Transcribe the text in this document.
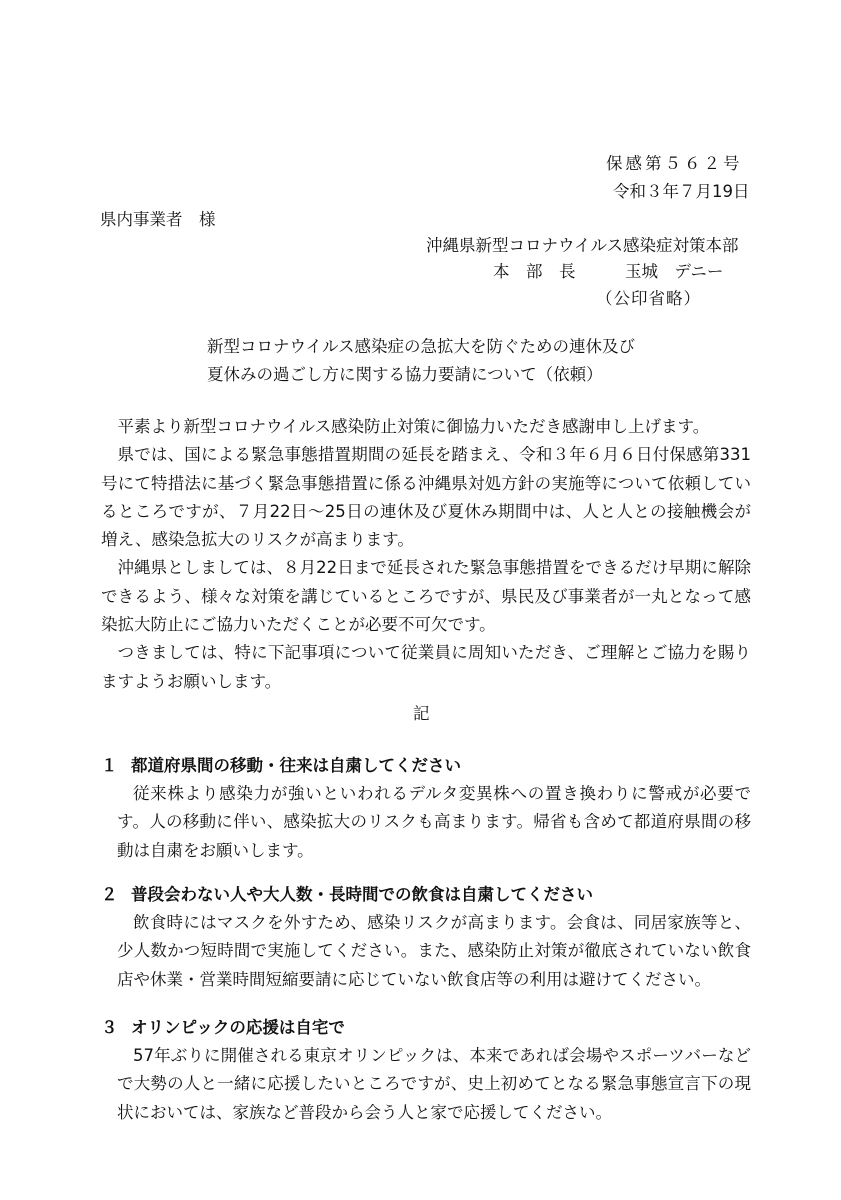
保感第５６２号
令和３年７月19日
県内事業者　様
沖縄県新型コロナウイルス感染症対策本部
本　部　長　　　玉城　デニー
（公印省略）
新型コロナウイルス感染症の急拡大を防ぐための連休及び
夏休みの過ごし方に関する協力要請について（依頼）

平素より新型コロナウイルス感染防止対策に御協力いただき感謝申し上げます。

県では、国による緊急事態措置期間の延長を踏まえ、令和３年６月６日付保感第331号にて特措法に基づく緊急事態措置に係る沖縄県対処方針の実施等について依頼しているところですが、７月22日～25日の連休及び夏休み期間中は、人と人との接触機会が増え、感染急拡大のリスクが高まります。

沖縄県としましては、８月22日まで延長された緊急事態措置をできるだけ早期に解除できるよう、様々な対策を講じているところですが、県民及び事業者が一丸となって感染拡大防止にご協力いただくことが必要不可欠です。

つきましては、特に下記事項について従業員に周知いただき、ご理解とご協力を賜りますようお願いします。

記
１ 都道府県間の移動・往来は自粛してください

従来株より感染力が強いといわれるデルタ変異株への置き換わりに警戒が必要です。人の移動に伴い、感染拡大のリスクも高まります。帰省も含めて都道府県間の移動は自粛をお願いします。

２ 普段会わない人や大人数・長時間での飲食は自粛してください

飲食時にはマスクを外すため、感染リスクが高まります。会食は、同居家族等と、少人数かつ短時間で実施してください。また、感染防止対策が徹底されていない飲食店や休業・営業時間短縮要請に応じていない飲食店等の利用は避けてください。

３ オリンピックの応援は自宅で

57年ぶりに開催される東京オリンピックは、本来であれば会場やスポーツバーなどで大勢の人と一緒に応援したいところですが、史上初めてとなる緊急事態宣言下の現状においては、家族など普段から会う人と家で応援してください。
